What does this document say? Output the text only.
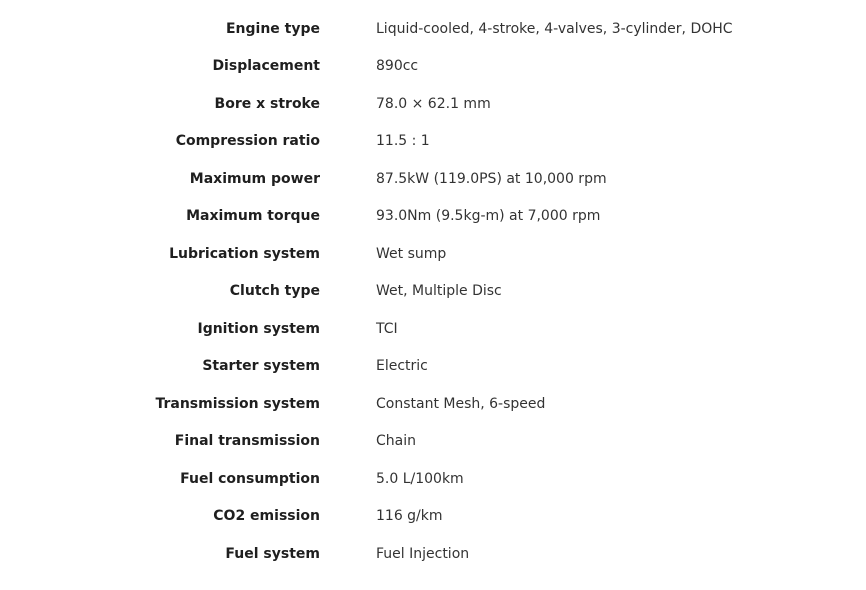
Engine type	Liquid-cooled, 4-stroke, 4-valves, 3-cylinder, DOHC
Displacement	890cc
Bore x stroke	78.0 × 62.1 mm
Compression ratio	11.5 : 1
Maximum power	87.5kW (119.0PS) at 10,000 rpm
Maximum torque	93.0Nm (9.5kg-m) at 7,000 rpm
Lubrication system	Wet sump
Clutch type	Wet, Multiple Disc
Ignition system	TCI
Starter system	Electric
Transmission system	Constant Mesh, 6-speed
Final transmission	Chain
Fuel consumption	5.0 L/100km
CO2 emission	116 g/km
Fuel system	Fuel Injection
